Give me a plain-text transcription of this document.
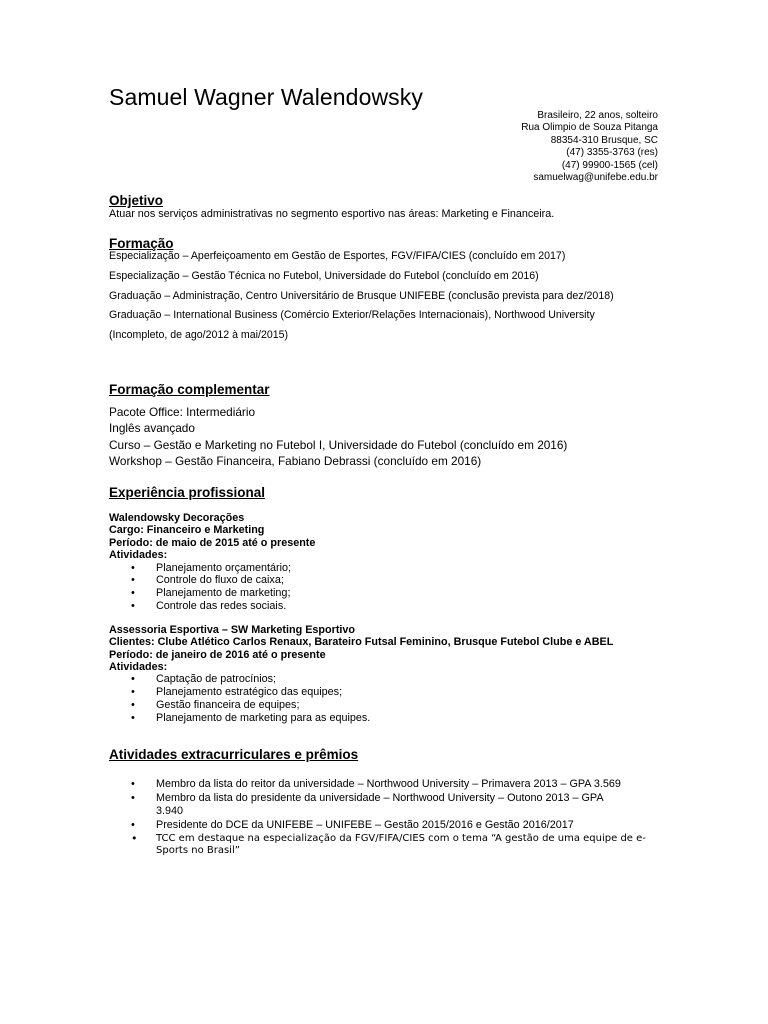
Samuel Wagner Walendowsky
Brasileiro, 22 anos, solteiro
Rua Olimpio de Souza Pitanga
88354-310 Brusque, SC
(47) 3355-3763 (res)
(47) 99900-1565 (cel)
samuelwag@unifebe.edu.br
Objetivo
Atuar nos serviços administrativas no segmento esportivo nas áreas: Marketing e Financeira.
Formação

Especialização – Aperfeiçoamento em Gestão de Esportes, FGV/FIFA/CIES (concluído em 2017)

Especialização – Gestão Técnica no Futebol, Universidade do Futebol (concluído em 2016)

Graduação – Administração, Centro Universitário de Brusque UNIFEBE (conclusão prevista para dez/2018)

Graduação – International Business (Comércio Exterior/Relações Internacionais), Northwood University (Incompleto, de ago/2012 à mai/2015)

Formação complementar

Pacote Office: Intermediário

Inglês avançado

Curso – Gestão e Marketing no Futebol I, Universidade do Futebol (concluído em 2016)

Workshop – Gestão Financeira, Fabiano Debrassi (concluído em 2016)

Experiência profissional

Walendowsky Decorações

Cargo: Financeiro e Marketing

Período: de maio de 2015 até o presente

Atividades:

• Planejamento orçamentário;
• Controle do fluxo de caixa;
• Planejamento de marketing;
• Controle das redes sociais.

Assessoria Esportiva – SW Marketing Esportivo

Clientes: Clube Atlético Carlos Renaux, Barateiro Futsal Feminino, Brusque Futebol Clube e ABEL

Período: de janeiro de 2016 até o presente

Atividades:

• Captação de patrocínios;
• Planejamento estratégico das equipes;
• Gestão financeira de equipes;
• Planejamento de marketing para as equipes.
Atividades extracurriculares e prêmios
• Membro da lista do reitor da universidade – Northwood University – Primavera 2013 – GPA 3.569
• Membro da lista do presidente da universidade – Northwood University – Outono 2013 – GPA 3.940
• Presidente do DCE da UNIFEBE – UNIFEBE – Gestão 2015/2016 e Gestão 2016/2017
• TCC em destaque na especialização da FGV/FIFA/CIES com o tema “A gestão de uma equipe de e-Sports no Brasil”
